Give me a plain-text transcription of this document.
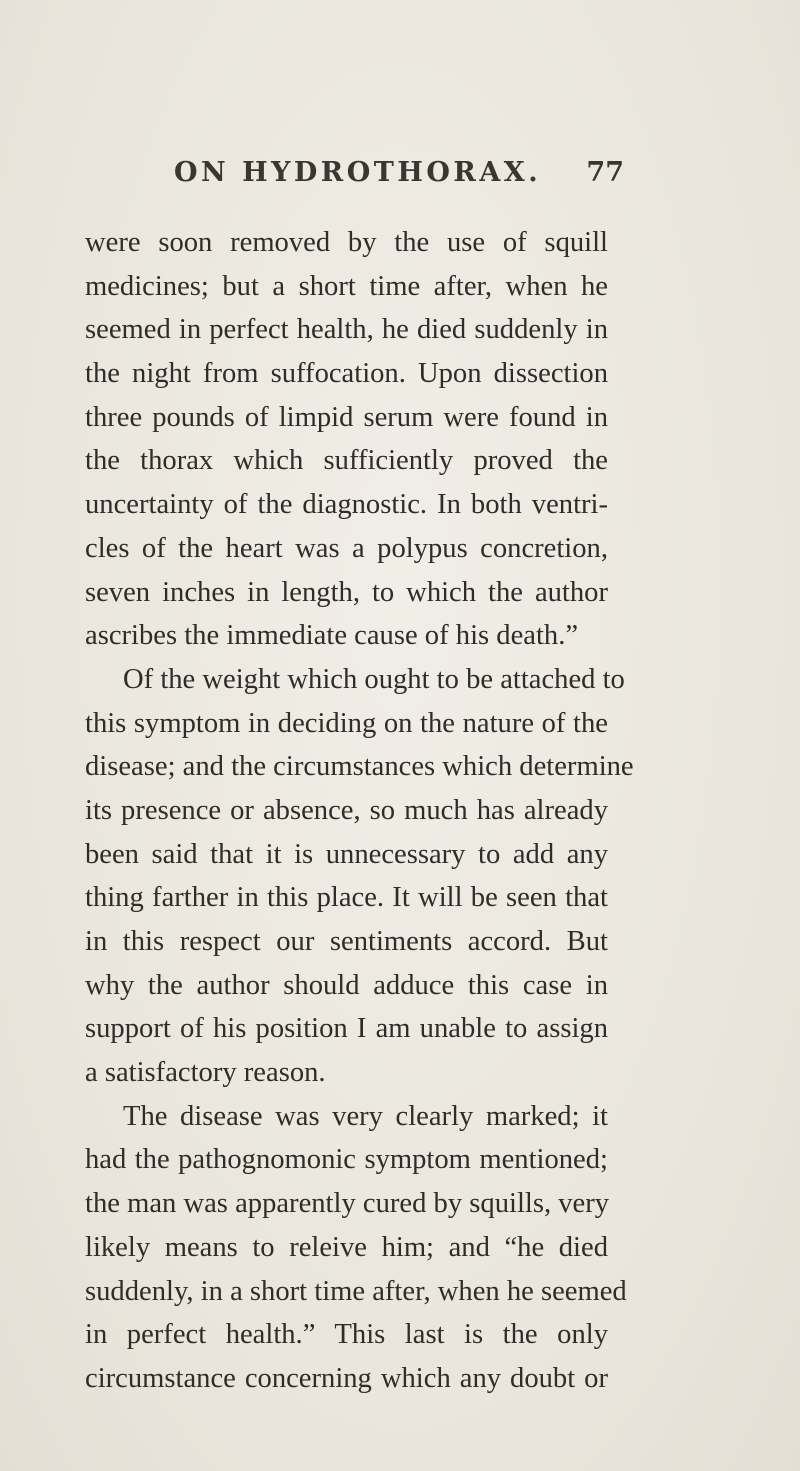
ON HYDROTHORAX. 77
were soon removed by the use of squill
medicines; but a short time after, when he
seemed in perfect health, he died suddenly in
the night from suffocation. Upon dissection
three pounds of limpid serum were found in
the thorax which sufficiently proved the
uncertainty of the diagnostic. In both ventri-
cles of the heart was a polypus concretion,
seven inches in length, to which the author
ascribes the immediate cause of his death.”
Of the weight which ought to be attached to
this symptom in deciding on the nature of the
disease; and the circumstances which determine
its presence or absence, so much has already
been said that it is unnecessary to add any
thing farther in this place. It will be seen that
in this respect our sentiments accord. But
why the author should adduce this case in
support of his position I am unable to assign
a satisfactory reason.
The disease was very clearly marked; it
had the pathognomonic symptom mentioned;
the man was apparently cured by squills, very
likely means to releive him; and “he died
suddenly, in a short time after, when he seemed
in perfect health.” This last is the only
circumstance concerning which any doubt or
